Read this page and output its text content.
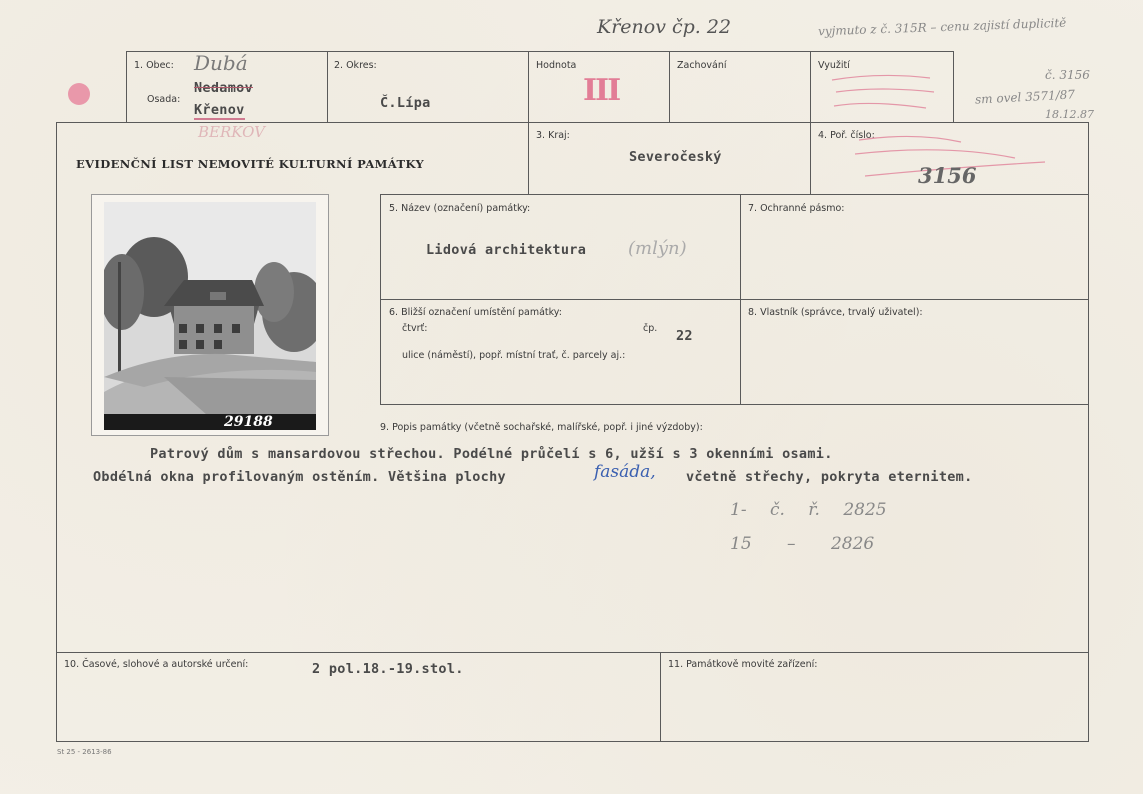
Křenov čp. 22	vyjmuto z č. 315R – cenu zajistí duplicitě
č. 3156
sm ovel 3571/87
18.12.87
1. Obec: Dubá
Osada:
Nedamov
Křenov
BERKOV
2. Okres:
Č.Lípa
Hodnota
III
Zachování	Využití
EVIDENČNÍ LIST NEMOVITÉ KULTURNÍ PAMÁTKY
3. Kraj:
Severočeský
4. Poř. číslo:
3156
29188
5. Název (označení) památky:
Lidová architektura (mlýn)
7. Ochranné pásmo:
6. Bližší označení umístění památky:
čtvrť:	čp. 22
ulice (náměstí), popř. místní trať, č. parcely aj.:
8. Vlastník (správce, trvalý uživatel):
9. Popis památky (včetně sochařské, malířské, popř. i jiné výzdoby):
Patrový dům s mansardovou střechou. Podélné průčelí s 6, užší s 3 okenními osami.
Obdélná okna profilovaným ostěním. Většina plochy	fasáda, včetně střechy, pokryta eternitem.
1- č. ř. 2825
15 – 2826
10. Časové, slohové a autorské určení:	2 pol.18.-19.stol.	11. Památkově movité zařízení:
St 25 - 2613-86
